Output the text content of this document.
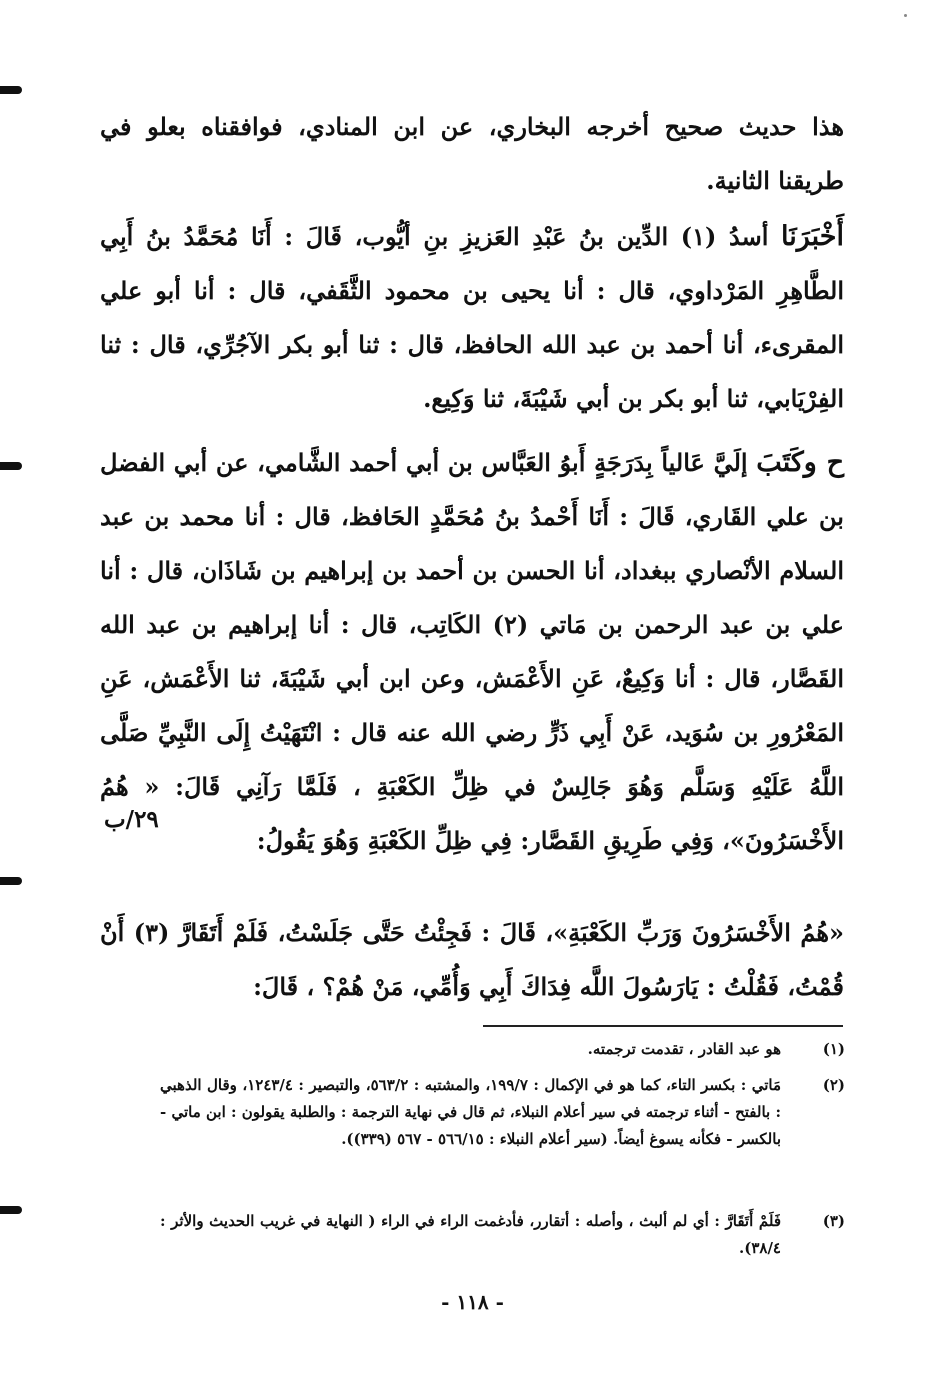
هذا حديث صحيح أخرجه البخاري، عن ابن المنادي، فوافقناه بعلو في طريقنا الثانية.
أَخْبَرَنَا أسدُ (١) الدِّين بنُ عَبْدِ العَزيزِ بنِ أيُّوب، قَالَ : أَنَا مُحَمَّدُ بنُ أَبِي الطَّاهِرِ المَرْداوي، قال : أنا يحيى بن محمود الثَّقَفي، قال : أنا أبو علي المقرىء، أنا أحمد بن عبد الله الحافظ، قال : ثنا أبو بكر الآجُرِّي، قال : ثنا الفِرْيَابي، ثنا أبو بكر بن أبي شَيْبَةَ، ثنا وَكِيع.
ح وكَتَبَ إلَيَّ عَالياً بِدَرَجَةٍ أَبوُ العَبَّاس بن أبي أحمد الشَّامي، عن أبي الفضل بن علي القَاري، قَالَ : أَنَا أَحْمدُ بنُ مُحَمَّدٍ الحَافظ، قال : أنا محمد بن عبد السلام الأنْصاري ببغداد، أنا الحسن بن أحمد بن إبراهيم بن شَاذَان، قال : أنا علي بن عبد الرحمن بن مَاتي (٢) الكَاتِب، قال : أنا إبراهيم بن عبد الله القَصَّار، قال : أنا وَكِيعٌ، عَنِ الأَعْمَش، وعن ابن أبي شَيْبَةَ، ثنا الأَعْمَش، عَنِ المَعْرُورِ بن سُوَيد، عَنْ أَبِي ذَرٍّ رضي الله عنه قال : انْتَهَيْتُ إِلَى النَّبِيِّ صَلَّى اللَّهُ عَلَيْهِ وَسَلَّم وَهُوَ جَالِسٌ في ظِلِّ الكَعْبَةِ ، فَلَمَّا رَآنِي قَالَ: « هُمُ الأَخْسَرُونَ»، وَفِي طَرِيقِ القَصَّار: فِي ظِلِّ الكَعْبَةِ وَهُوَ يَقُولُ:
٢٩/ب
«هُمُ الأَخْسَرُونَ وَرَبِّ الكَعْبَةِ»، قَالَ : فَجِئْتُ حَتَّى جَلَسْتُ، فَلَمْ أَتَقَارَّ (٣) أَنْ قُمْتُ، فَقُلْتُ : يَارَسُولَ اللَّه فِدَاكَ أَبِي وَأُمِّي، مَنْ هُمْ؟ ، قَالَ:
(١)
هو عبد القادر ، تقدمت ترجمته.
(٢)
مَاتي : بكسر التاء، كما هو في الإكمال : ١٩٩/٧، والمشتبه : ٥٦٣/٢، والتبصير : ١٢٤٣/٤، وقال الذهبي : بالفتح - أثناء ترجمته في سير أعلام النبلاء، ثم قال في نهاية الترجمة : والطلبة يقولون : ابن ماتي - بالكسر - فكأنه يسوغ أيضاً. (سير أعلام النبلاء : ٥٦٦/١٥ - ٥٦٧ (٣٣٩)).
(٣)
فَلَمْ أَتَقَارَّ : أي لم ألبث ، وأصله : أتقارر، فأدغمت الراء في الراء ( النهاية في غريب الحديث والأثر : ٣٨/٤).
- ١١٨ -
